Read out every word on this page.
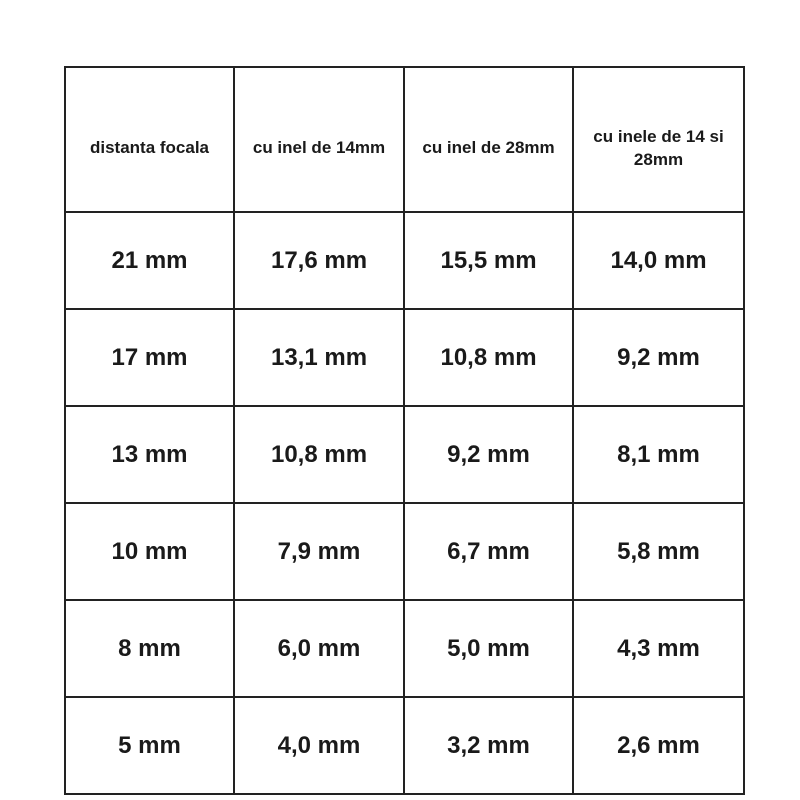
distanta focala	cu inel de 14mm	cu inel de 28mm	cu inele de 14 si 28mm
21 mm	17,6 mm	15,5 mm	14,0 mm
17 mm	13,1 mm	10,8 mm	9,2 mm
13 mm	10,8 mm	9,2 mm	8,1 mm
10 mm	7,9 mm	6,7 mm	5,8 mm
8 mm	6,0 mm	5,0 mm	4,3 mm
5 mm	4,0 mm	3,2 mm	2,6 mm
